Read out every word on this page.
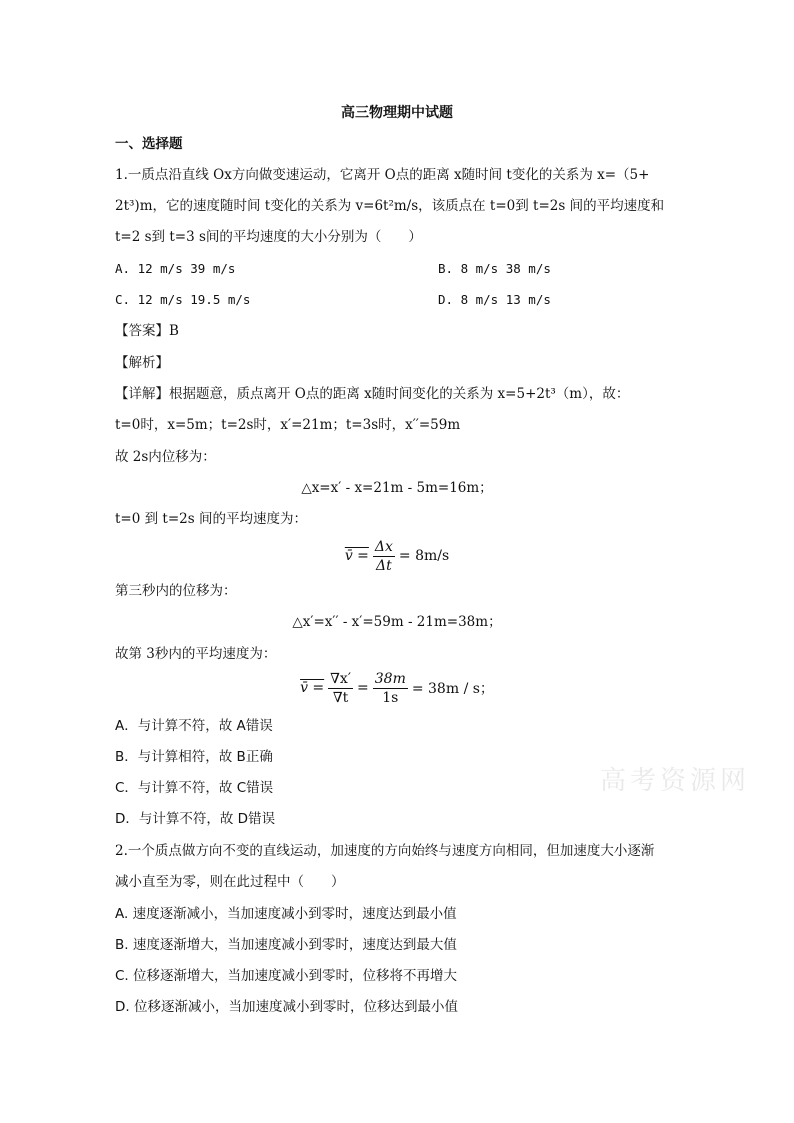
高三物理期中试题
一、选择题
1.一质点沿直线 Ox方向做变速运动，它离开 O点的距离 x随时间 t变化的关系为 x=（5+
2t³)m，它的速度随时间 t变化的关系为 v=6t²m/s，该质点在 t=0到 t=2s 间的平均速度和
t=2 s到 t=3 s间的平均速度的大小分别为（　　）
A. 12 m/s 39 m/s	B. 8 m/s 38 m/s
C. 12 m/s 19.5 m/s	D. 8 m/s 13 m/s
【答案】B
【解析】
【详解】根据题意，质点离开 O点的距离 x随时间变化的关系为 x=5+2t³（m），故：
t=0时，x=5m；t=2s时，x′=21m；t=3s时，x′′=59m
故 2s内位移为：
△x=x′ - x=21m - 5m=16m；
t=0 到 t=2s 间的平均速度为：
v̄ = $\frac{\Delta x}{\Delta t} = 8m/s$
第三秒内的位移为：
△x′=x′′ - x′=59m - 21m=38m；
故第 3秒内的平均速度为：
v̄ = $\frac{\nabla x'}{\nabla t} = \frac{38m}{1s} = 38m / s$；
A．与计算不符，故 A错误
B．与计算相符，故 B正确
C．与计算不符，故 C错误
D．与计算不符，故 D错误
2.一个质点做方向不变的直线运动，加速度的方向始终与速度方向相同，但加速度大小逐渐
减小直至为零，则在此过程中（　　）
A. 速度逐渐减小，当加速度减小到零时，速度达到最小值
B. 速度逐渐增大，当加速度减小到零时，速度达到最大值
C. 位移逐渐增大，当加速度减小到零时，位移将不再增大
D. 位移逐渐减小，当加速度减小到零时，位移达到最小值
高考资源网
